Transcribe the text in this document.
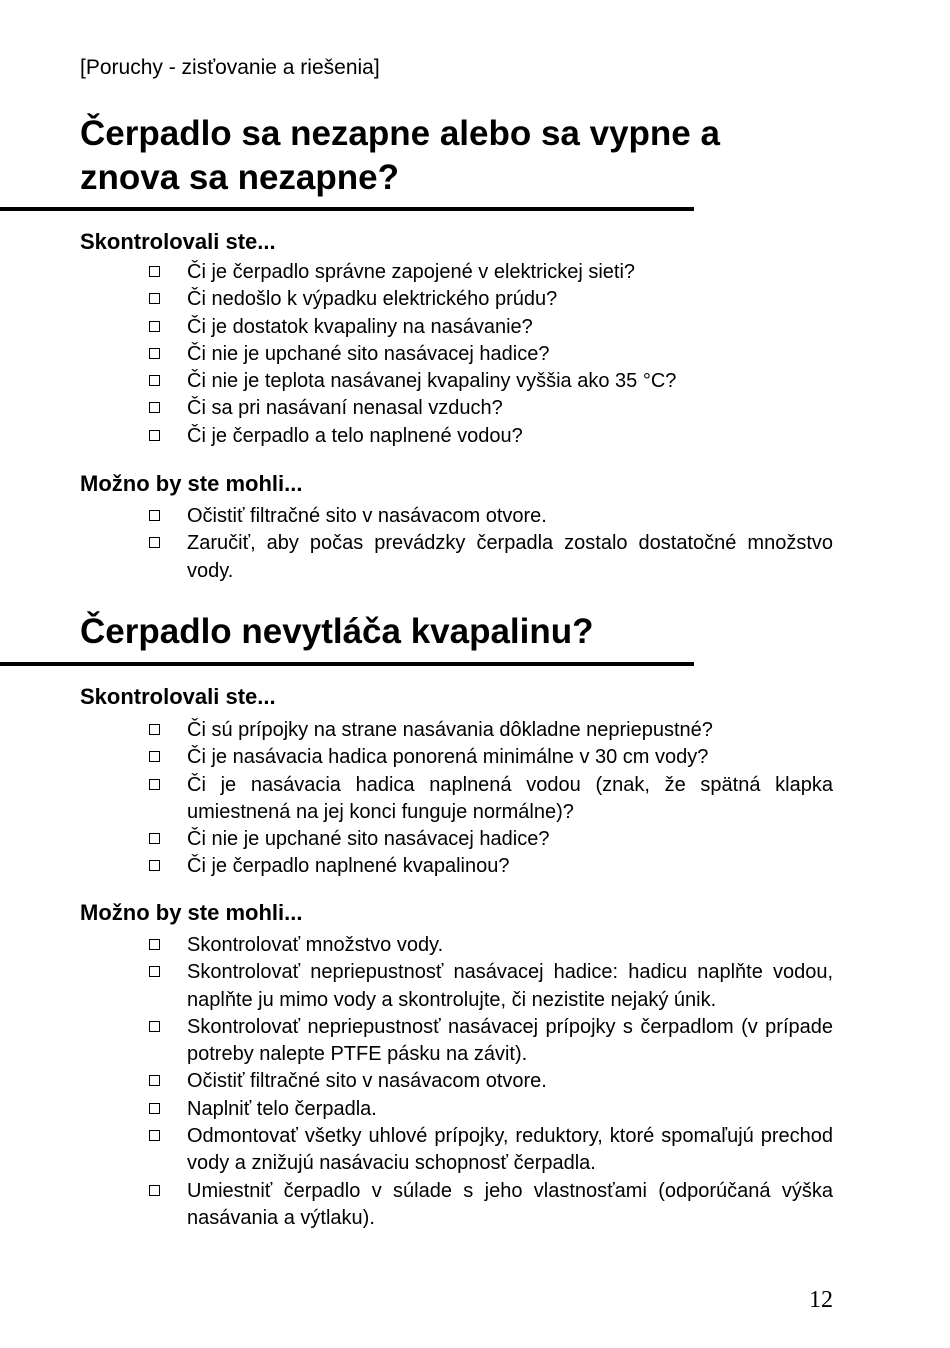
[Poruchy - zisťovanie a riešenia]
Čerpadlo sa nezapne alebo sa vypne a
znova sa nezapne?
Skontrolovali ste...
Či je čerpadlo správne zapojené v elektrickej sieti?
Či nedošlo k výpadku elektrického prúdu?
Či je dostatok kvapaliny na nasávanie?
Či nie je upchané sito nasávacej hadice?
Či nie je teplota nasávanej kvapaliny vyššia ako 35 °C?
Či sa pri nasávaní nenasal vzduch?
Či je čerpadlo a telo naplnené vodou?
Možno by ste mohli...
Očistiť filtračné sito v nasávacom otvore.
Zaručiť, aby počas prevádzky čerpadla zostalo dostatočné množstvo vody.
Čerpadlo nevytláča kvapalinu?
Skontrolovali ste...
Či sú prípojky na strane nasávania dôkladne nepriepustné?
Či je nasávacia hadica ponorená minimálne v 30 cm vody?
Či je nasávacia hadica naplnená vodou (znak, že spätná klapka umiestnená na jej konci funguje normálne)?
Či nie je upchané sito nasávacej hadice?
Či je čerpadlo naplnené kvapalinou?
Možno by ste mohli...
Skontrolovať množstvo vody.
Skontrolovať nepriepustnosť nasávacej hadice: hadicu naplňte vodou, naplňte ju mimo vody a skontrolujte, či nezistite nejaký únik.
Skontrolovať nepriepustnosť nasávacej prípojky s čerpadlom (v prípade potreby nalepte PTFE pásku na závit).
Očistiť filtračné sito v nasávacom otvore.
Naplniť telo čerpadla.
Odmontovať všetky uhlové prípojky, reduktory, ktoré spomaľujú prechod vody a znižujú nasávaciu schopnosť čerpadla.
Umiestniť čerpadlo v súlade s jeho vlastnosťami (odporúčaná výška nasávania a výtlaku).
12
